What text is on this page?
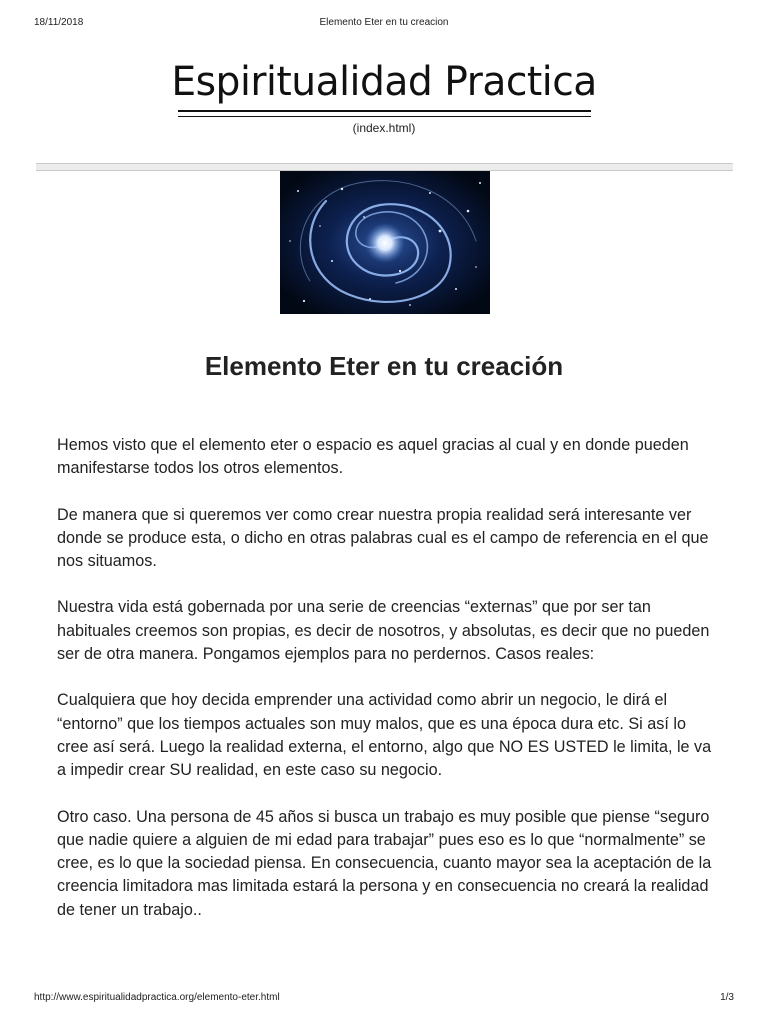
18/11/2018	Elemento Eter en tu creacion
Espiritualidad Practica
(index.html)
Elemento Eter en tu creación

Hemos visto que el elemento eter o espacio es aquel gracias al cual y en donde pueden manifestarse todos los otros elementos.

De manera que si queremos ver como crear nuestra propia realidad será interesante ver donde se produce esta, o dicho en otras palabras cual es el campo de referencia en el que nos situamos.

Nuestra vida está gobernada por una serie de creencias “externas” que por ser tan habituales creemos son propias, es decir de nosotros, y absolutas, es decir que no pueden ser de otra manera. Pongamos ejemplos para no perdernos. Casos reales:

Cualquiera que hoy decida emprender una actividad como abrir un negocio, le dirá el “entorno” que los tiempos actuales son muy malos, que es una época dura etc. Si así lo cree así será. Luego la realidad externa, el entorno, algo que NO ES USTED le limita, le va a impedir crear SU realidad, en este caso su negocio.

Otro caso. Una persona de 45 años si busca un trabajo es muy posible que piense “seguro que nadie quiere a alguien de mi edad para trabajar” pues eso es lo que “normalmente” se cree, es lo que la sociedad piensa. En consecuencia, cuanto mayor sea la aceptación de la creencia limitadora mas limitada estará la persona y en consecuencia no creará la realidad de tener un trabajo..

http://www.espiritualidadpractica.org/elemento-eter.html	1/3
